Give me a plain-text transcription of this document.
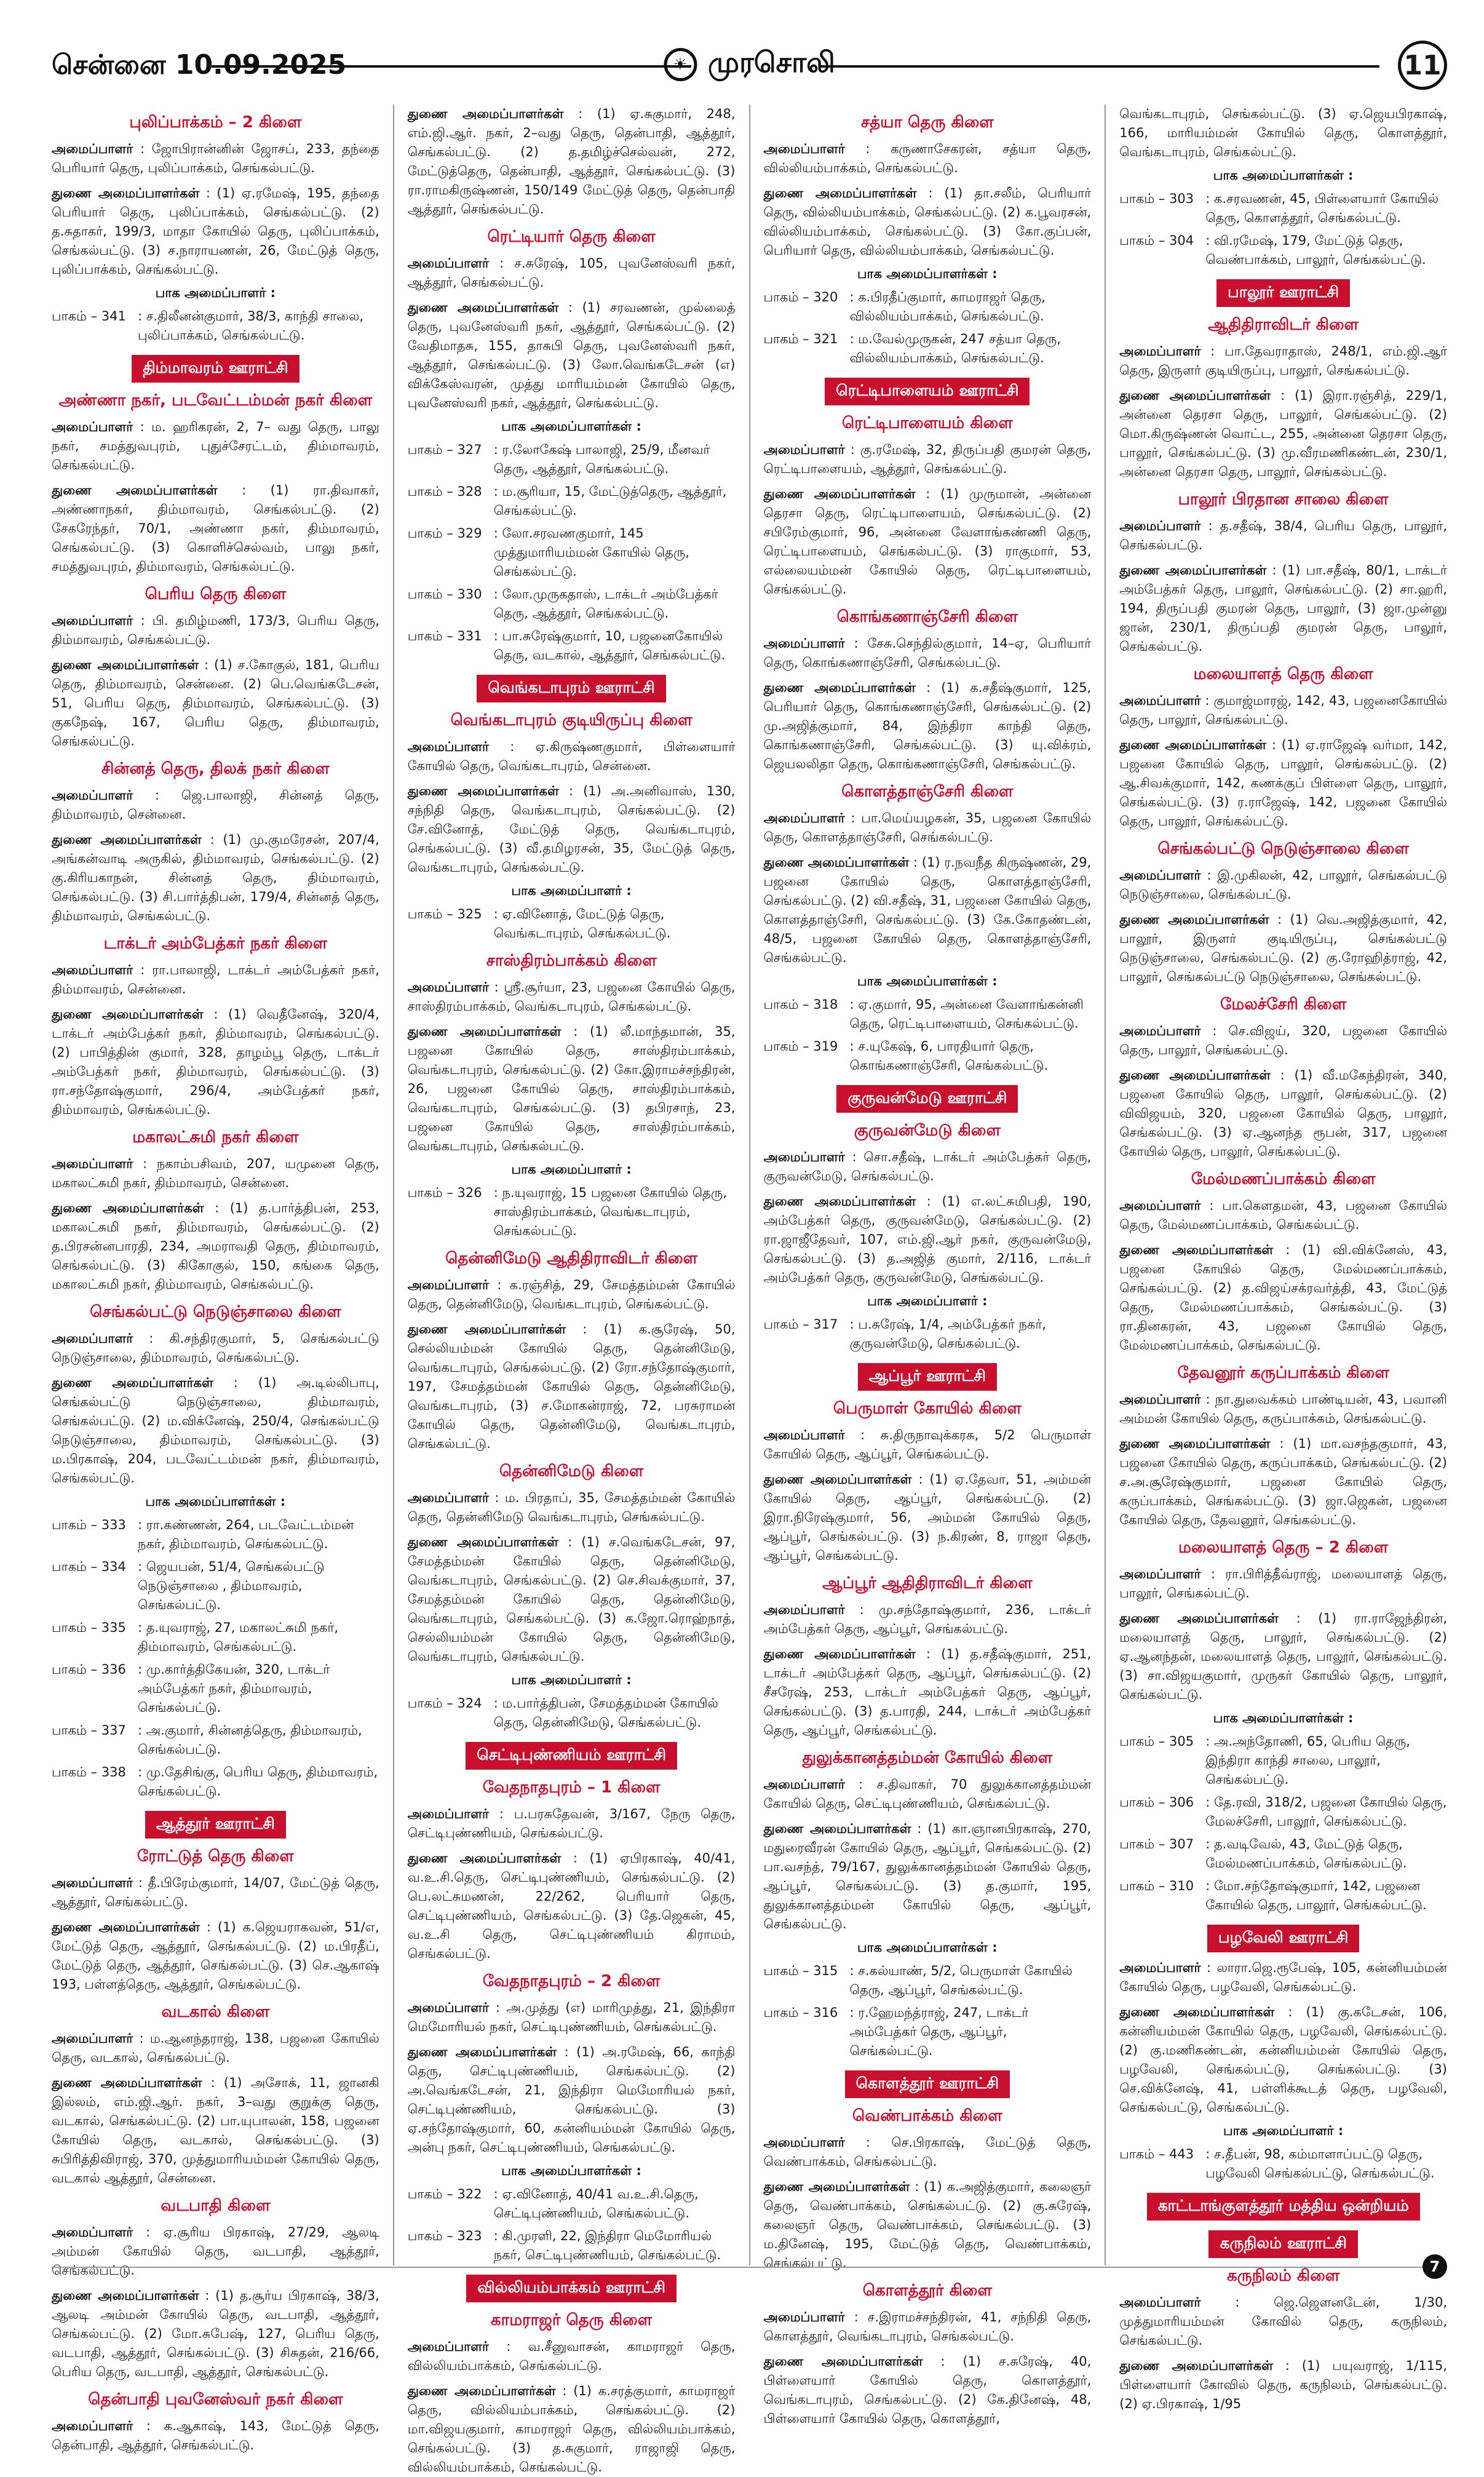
சென்னை 10.09.2025	☀ முரசொலி	11
புலிப்பாக்கம் – 2 கிளை

அமைப்பாளர் : ஜோபிரான்னின் ஜோசப், 233, தந்தை பெரியார் தெரு, புலிப்பாக்கம், செங்கல்பட்டு.

துணை அமைப்பாளர்கள் : (1) ஏ.ரமேஷ், 195, தந்தை பெரியார் தெரு, புலிப்பாக்கம், செங்கல்பட்டு. (2) த.சுதாகர், 199/3, மாதா கோயில் தெரு, புலிப்பாக்கம், செங்கல்பட்டு. (3) ச.நாராயணன், 26, மேட்டுத் தெரு, புலிப்பாக்கம், செங்கல்பட்டு.

பாக அமைப்பாளர் :
பாகம் – 341 : ச.திலீனன்குமார், 38/3, காந்தி சாலை, புலிப்பாக்கம், செங்கல்பட்டு.
திம்மாவரம் ஊராட்சி
அண்ணா நகர், படவேட்டம்மன் நகர் கிளை

அமைப்பாளர் : ம. ஹரிகரன், 2, 7– வது தெரு, பாலு நகர், சமத்துவபுரம், புதுச்சேரட்டம், திம்மாவரம், செங்கல்பட்டு.

துணை அமைப்பாளர்கள் : (1) ரா.திவாகர், அண்ணாநகர், திம்மாவரம், செங்கல்பட்டு. (2) சேகரேந்தர், 70/1, அண்ணா நகர், திம்மாவரம், செங்கல்பட்டு. (3) கொளிச்செல்வம், பாலு நகர், சமத்துவபுரம், திம்மாவரம், செங்கல்பட்டு.

பெரிய தெரு கிளை

அமைப்பாளர் : பி. தமிழ்மணி, 173/3, பெரிய தெரு, திம்மாவரம், செங்கல்பட்டு.

துணை அமைப்பாளர்கள் : (1) ச.கோகுல், 181, பெரிய தெரு, திம்மாவரம், சென்னை. (2) பெ.வெங்கடேசன், 51, பெரிய தெரு, திம்மாவரம், செங்கல்பட்டு. (3) குகநேஷ், 167, பெரிய தெரு, திம்மாவரம், செங்கல்பட்டு.

சின்னத் தெரு, திலக் நகர் கிளை

அமைப்பாளர் : ஜெ.பாலாஜி, சின்னத் தெரு, திம்மாவரம், சென்னை.

துணை அமைப்பாளர்கள் : (1) மு.குமரேசன், 207/4, அங்கன்வாடி அருகில், திம்மாவரம், செங்கல்பட்டு. (2) கு.கிரியகாநன், சின்னத் தெரு, திம்மாவரம், செங்கல்பட்டு. (3) சி.பார்த்திபன், 179/4, சின்னத் தெரு, திம்மாவரம், செங்கல்பட்டு.

டாக்டர் அம்பேத்கர் நகர் கிளை

அமைப்பாளர் : ரா.பாலாஜி, டாக்டர் அம்பேத்கர் நகர், திம்மாவரம், சென்னை.

துணை அமைப்பாளர்கள் : (1) வெதீனேஷ், 320/4, டாக்டர் அம்பேத்கர் நகர், திம்மாவரம், செங்கல்பட்டு. (2) பாபித்தின் குமார், 328, தாழம்பூ தெரு, டாக்டர் அம்பேத்கர் நகர், திம்மாவரம், செங்கல்பட்டு. (3) ரா.சந்தோஷ்குமார், 296/4, அம்பேத்கர் நகர், திம்மாவரம், செங்கல்பட்டு.

மகாலட்சுமி நகர் கிளை

அமைப்பாளர் : நகாம்பசிவம், 207, யமுனை தெரு, மகாலட்சுமி நகர், திம்மாவரம், சென்னை.

துணை அமைப்பாளர்கள் : (1) த.பார்த்திபன், 253, மகாலட்சுமி நகர், திம்மாவரம், செங்கல்பட்டு. (2) த.பிரசன்னபாரதி, 234, அமராவதி தெரு, திம்மாவரம், செங்கல்பட்டு. (3) கிகோகுல், 150, கங்கை தெரு, மகாலட்சுமி நகர், திம்மாவரம், செங்கல்பட்டு.

செங்கல்பட்டு நெடுஞ்சாலை கிளை

அமைப்பாளர் : கி.சந்திரகுமார், 5, செங்கல்பட்டு நெடுஞ்சாலை, திம்மாவரம், செங்கல்பட்டு.

துணை அமைப்பாளர்கள் : (1) அ.டில்லிபாபு, செங்கல்பட்டு நெடுஞ்சாலை, திம்மாவரம், செங்கல்பட்டு. (2) ம.விக்னேஷ், 250/4, செங்கல்பட்டு நெடுஞ்சாலை, திம்மாவரம், செங்கல்பட்டு. (3) ம.பிரகாஷ், 204, படவேட்டம்மன் நகர், திம்மாவரம், செங்கல்பட்டு.

பாக அமைப்பாளர்கள் :
பாகம் – 333 : ரா.கண்ணன், 264, படவேட்டம்மன் நகர், திம்மாவரம், செங்கல்பட்டு.
பாகம் – 334 : ஜெயபன், 51/4, செங்கல்பட்டு நெடுஞ்சாலை , திம்மாவரம், செங்கல்பட்டு.
பாகம் – 335 : த.யுவராஜ், 27, மகாலட்சுமி நகர், திம்மாவரம், செங்கல்பட்டு.
பாகம் – 336 : மு.கார்த்திகேயன், 320, டாக்டர் அம்பேத்கர் நகர், திம்மாவரம், செங்கல்பட்டு.
பாகம் – 337 : அ.குமார், சின்னத்தெரு, திம்மாவரம், செங்கல்பட்டு.
பாகம் – 338 : மு.தேசிங்கு, பெரிய தெரு, திம்மாவரம், செங்கல்பட்டு.
ஆத்தூர் ஊராட்சி
ரோட்டுத் தெரு கிளை

அமைப்பாளர் : தீ.பிரேம்குமார், 14/07, மேட்டுத் தெரு, ஆத்தூர், செங்கல்பட்டு.

துணை அமைப்பாளர்கள் : (1) க.ஜெயராகவன், 51/எ, மேட்டுத் தெரு, ஆத்தூர், செங்கல்பட்டு. (2) ம.பிரதீப், மேட்டுத் தெரு, ஆத்தூர், செங்கல்பட்டு. (3) செ.ஆகாஷ் 193, பள்ளத்தெரு, ஆத்தூர், செங்கல்பட்டு.

வடகால் கிளை

அமைப்பாளர் : ம.ஆனந்தராஜ், 138, பஜனை கோயில் தெரு, வடகால், செங்கல்பட்டு.

துணை அமைப்பாளர்கள் : (1) அசோக், 11, ஜானகி இல்லம், எம்.ஜி.ஆர். நகர், 3–வது குறுக்கு தெரு, வடகால், செங்கல்பட்டு. (2) பா.யுபாலன், 158, பஜனை கோயில் தெரு, வடகால், செங்கல்பட்டு. (3) சுபிரித்திவிராஜ், 370, முத்துமாரியம்மன் கோயில் தெரு, வடகால் ஆத்தூர், சென்னை.

வடபாதி கிளை

அமைப்பாளர் : ஏ.சூரிய பிரகாஷ், 27/29, ஆலடி அம்மன் கோயில் தெரு, வடபாதி, ஆத்தூர், செங்கல்பட்டு.

துணை அமைப்பாளர்கள் : (1) த.சூர்ய பிரகாஷ், 38/3, ஆலடி அம்மன் கோயில் தெரு, வடபாதி, ஆத்தூர், செங்கல்பட்டு. (2) மோ.சுபேஷ், 127, பெரிய தெரு, வடபாதி, ஆத்தூர், செங்கல்பட்டு. (3) சிசுதன், 216/66, பெரிய தெரு, வடபாதி, ஆத்தூர், செங்கல்பட்டு.

தென்பாதி புவனேஸ்வர் நகர் கிளை

அமைப்பாளர் : க.ஆகாஷ், 143, மேட்டுத் தெரு, தென்பாதி, ஆத்தூர், செங்கல்பட்டு.

துணை அமைப்பாளர்கள் : (1) ஏ.சுகுமார், 248, எம்.ஜி.ஆர். நகர், 2–வது தெரு, தென்பாதி, ஆத்தூர், செங்கல்பட்டு. (2) த.தமிழ்ச்செல்வன், 272, மேட்டுத்தெரு, தென்பாதி, ஆத்தூர், செங்கல்பட்டு. (3) ரா.ராமகிருஷ்ணன், 150/149 மேட்டுத் தெரு, தென்பாதி ஆத்தூர், செங்கல்பட்டு.

ரெட்டியார் தெரு கிளை

அமைப்பாளர் : ச.சுரேஷ், 105, புவனேஸ்வரி நகர், ஆத்தூர், செங்கல்பட்டு.

துணை அமைப்பாளர்கள் : (1) சரவணன், முல்லைத் தெரு, புவனேஸ்வரி நகர், ஆத்தூர், செங்கல்பட்டு. (2) வேதிமாதசு, 155, தாசுபி தெரு, புவனேஸ்வரி நகர், ஆத்தூர், செங்கல்பட்டு. (3) லோ.வெங்கடேசன் (எ) விக்கேஸ்வரன், முத்து மாரியம்மன் கோயில் தெரு, புவனேஸ்வரி நகர், ஆத்தூர், செங்கல்பட்டு.

பாக அமைப்பாளர்கள் :
பாகம் – 327 : ர.லோகேஷ் பாலாஜி, 25/9, மீனவர் தெரு, ஆத்தூர், செங்கல்பட்டு.
பாகம் – 328 : ம.சூரியா, 15, மேட்டுத்தெரு, ஆத்தூர், செங்கல்பட்டு.
பாகம் – 329 : லோ.சரவணகுமார், 145 முத்துமாரியம்மன் கோயில் தெரு, செங்கல்பட்டு.
பாகம் – 330 : லோ.முருகதாஸ், டாக்டர் அம்பேத்கர் தெரு, ஆத்தூர், செங்கல்பட்டு.
பாகம் – 331 : பா.சுரேஷ்குமார், 10, பஜனைகோயில் தெரு, வடகால், ஆத்தூர், செங்கல்பட்டு.
வெங்கடாபுரம் ஊராட்சி
வெங்கடாபுரம் குடியிருப்பு கிளை

அமைப்பாளர் : ஏ.கிருஷ்ணகுமார், பிள்ளையார் கோயில் தெரு, வெங்கடாபுரம், சென்னை.

துணை அமைப்பாளர்கள் : (1) அ.அனிவாஸ், 130, சந்நிதி தெரு, வெங்கடாபுரம், செங்கல்பட்டு. (2) சே.வினோத், மேட்டுத் தெரு, வெங்கடாபுரம், செங்கல்பட்டு. (3) வீ.தமிழரசன், 35, மேட்டுத் தெரு, வெங்கடாபுரம், செங்கல்பட்டு.

பாக அமைப்பாளர் :
பாகம் – 325 : ஏ.வினோத், மேட்டுத் தெரு, வெங்கடாபுரம், செங்கல்பட்டு.
சாஸ்திரம்பாக்கம் கிளை

அமைப்பாளர் : ஸ்ரீ.சூர்யா, 23, பஜனை கோயில் தெரு, சாஸ்திரம்பாக்கம், வெங்கடாபுரம், செங்கல்பட்டு.

துணை அமைப்பாளர்கள் : (1) லீ.மாந்தமான், 35, பஜனை கோயில் தெரு, சாஸ்திரம்பாக்கம், வெங்கடாபுரம், செங்கல்பட்டு. (2) கோ.இராமச்சந்திரன், 26, பஜனை கோயில் தெரு, சாஸ்திரம்பாக்கம், வெங்கடாபுரம், செங்கல்பட்டு. (3) தபிரசாந், 23, பஜனை கோயில் தெரு, சாஸ்திரம்பாக்கம், வெங்கடாபுரம், செங்கல்பட்டு.

பாக அமைப்பாளர் :
பாகம் – 326 : ந.யுவராஜ், 15 பஜனை கோயில் தெரு, சாஸ்திரம்பாக்கம், வெங்கடாபுரம், செங்கல்பட்டு.
தென்னிமேடு ஆதிதிராவிடர் கிளை

அமைப்பாளர் : க.ரஞ்சித், 29, சேமத்தம்மன் கோயில் தெரு, தென்னிமேடு, வெங்கடாபுரம், செங்கல்பட்டு.

துணை அமைப்பாளர்கள் : (1) க.சூரேஷ், 50, செல்லியம்மன் கோயில் தெரு, தென்னிமேடு, வெங்கடாபுரம், செங்கல்பட்டு. (2) ரோ.சந்தோஷ்குமார், 197, சேமத்தம்மன் கோயில் தெரு, தென்னிமேடு, வெங்கடாபுரம், (3) ச.மோகன்ராஜ், 72, பரசுராமன் கோயில் தெரு, தென்னிமேடு, வெங்கடாபுரம், செங்கல்பட்டு.

தென்னிமேடு கிளை

அமைப்பாளர் : ம. பிரதாப், 35, சேமத்தம்மன் கோயில் தெரு, தென்னிமேடு வெங்கடாபுரம், செங்கல்பட்டு.

துணை அமைப்பாளர்கள் : (1) ச.வெங்கடேசன், 97, சேமத்தம்மன் கோயில் தெரு, தென்னிமேடு, வெங்கடாபுரம், செங்கல்பட்டு. (2) செ.சிவக்குமார், 37, சேமத்தம்மன் கோயில் தெரு, தென்னிமேடு, வெங்கடாபுரம், செங்கல்பட்டு. (3) க.ஜோ.ரொஹ்நாத், செல்லியம்மன் கோயில் தெரு, தென்னிமேடு, வெங்கடாபுரம், செங்கல்பட்டு.

பாக அமைப்பாளர் :
பாகம் – 324 : ம.பார்த்திபன், சேமத்தம்மன் கோயில் தெரு, தென்னிமேடு, செங்கல்பட்டு.
செட்டிபுண்ணியம் ஊராட்சி
வேதநாதபுரம் – 1 கிளை

அமைப்பாளர் : ப.பரசுதேவன், 3/167, நேரு தெரு, செட்டிபுண்ணியம், செங்கல்பட்டு.

துணை அமைப்பாளர்கள் : (1) ஏபிரகாஷ், 40/41, வ.உ.சி.தெரு, செட்டிபுண்ணியம், செங்கல்பட்டு. (2) பெ.லட்சுமணன், 22/262, பெரியார் தெரு, செட்டிபுண்ணியம், செங்கல்பட்டு. (3) தே.ஜெகன், 45, வ.உ.சி தெரு, செட்டிபுண்ணியம் கிராமம், செங்கல்பட்டு.

வேதநாதபுரம் – 2 கிளை

அமைப்பாளர் : அ.முத்து (எ) மாரிமுத்து, 21, இந்திரா மெமோரியல் நகர், செட்டிபுண்ணியம், செங்கல்பட்டு.

துணை அமைப்பாளர்கள் : (1) அ.ரமேஷ், 66, காந்தி தெரு, செட்டிபுண்ணியம், செங்கல்பட்டு. (2) அ.வெங்கடேசன், 21, இந்திரா மெமோரியல் நகர், செட்டிபுண்ணியம், செங்கல்பட்டு. (3) ஏ.சந்தோஷ்குமார், 60, கன்னியம்மன் கோயில் தெரு, அன்பு நகர், செட்டிபுண்ணியம், செங்கல்பட்டு.

பாக அமைப்பாளர்கள் :
பாகம் – 322 : ஏ.வினோத், 40/41 வ.உ.சி.தெரு, செட்டிபுண்ணியம், செங்கல்பட்டு.
பாகம் – 323 : கி.முரளி, 22, இந்திரா மெமோரியல் நகர், செட்டிபுண்ணியம், செங்கல்பட்டு.
வில்லியம்பாக்கம் ஊராட்சி
காமராஜர் தெரு கிளை

அமைப்பாளர் : வ.சீனுவாசன், காமராஜர் தெரு, வில்லியம்பாக்கம், செங்கல்பட்டு.

துணை அமைப்பாளர்கள் : (1) க.சரத்குமார், காமராஜர் தெரு, வில்லியம்பாக்கம், செங்கல்பட்டு. (2) மா.விஜயகுமார், காமராஜர் தெரு, வில்லியம்பாக்கம், செங்கல்பட்டு. (3) த.சுகுமார், ராஜாஜி தெரு, வில்லியம்பாக்கம், செங்கல்பட்டு.

சத்யா தெரு கிளை

அமைப்பாளர் : கருணாசேகரன், சத்யா தெரு, வில்லியம்பாக்கம், செங்கல்பட்டு.

துணை அமைப்பாளர்கள் : (1) தா.சலீம், பெரியார் தெரு, வில்லியம்பாக்கம், செங்கல்பட்டு. (2) க.பூவரசன், வில்லியம்பாக்கம், செங்கல்பட்டு. (3) கோ.குப்பன், பெரியார் தெரு, வில்லியம்பாக்கம், செங்கல்பட்டு.

பாக அமைப்பாளர்கள் :
பாகம் – 320 : க.பிரதீப்குமார், காமராஜர் தெரு, வில்லியம்பாக்கம், செங்கல்பட்டு.
பாகம் – 321 : ம.வேல்முருகன், 247 சத்யா தெரு, வில்லியம்பாக்கம், செங்கல்பட்டு.
ரெட்டிபாளையம் ஊராட்சி
ரெட்டிபாளையம் கிளை

அமைப்பாளர் : கு.ரமேஷ், 32, திருப்பதி குமரன் தெரு, ரெட்டிபாளையம், ஆத்தூர், செங்கல்பட்டு.

துணை அமைப்பாளர்கள் : (1) முருமான், அன்னை தெரசா தெரு, ரெட்டிபாளையம், செங்கல்பட்டு. (2) சபிரேம்குமார், 96, அன்னை வேளாங்கண்ணி தெரு, ரெட்டிபாளையம், செங்கல்பட்டு. (3) ராகுமார், 53, எல்லையம்மன் கோயில் தெரு, ரெட்டிபாளையம், செங்கல்பட்டு.

கொங்கணாஞ்சேரி கிளை

அமைப்பாளர் : சேசு.செந்தில்குமார், 14–ஏ, பெரியார் தெரு, கொங்கணாஞ்சேரி, செங்கல்பட்டு.

துணை அமைப்பாளர்கள் : (1) க.சதீஷ்குமார், 125, பெரியார் தெரு, கொங்கணாஞ்சேரி, செங்கல்பட்டு. (2) மு.அஜித்குமார், 84, இந்திரா காந்தி தெரு, கொங்கணாஞ்சேரி, செங்கல்பட்டு. (3) யு.விக்ரம், ஜெயலலிதா தெரு, கொங்கணாஞ்சேரி, செங்கல்பட்டு.

கொளத்தாஞ்சேரி கிளை

அமைப்பாளர் : பா.மெய்யழகன், 35, பஜனை கோயில் தெரு, கொளத்தாஞ்சேரி, செங்கல்பட்டு.

துணை அமைப்பாளர்கள் : (1) ர.நவநீத கிருஷ்ணன், 29, பஜனை கோயில் தெரு, கொளத்தாஞ்சேரி, செங்கல்பட்டு. (2) வி.சதீஷ், 31, பஜனை கோயில் தெரு, கொளத்தாஞ்சேரி, செங்கல்பட்டு. (3) கே.கோதண்டன், 48/5, பஜனை கோயில் தெரு, கொளத்தாஞ்சேரி, செங்கல்பட்டு.

பாக அமைப்பாளர்கள் :
பாகம் – 318 : ஏ.குமார், 95, அன்னை வேளாங்கன்னி தெரு, ரெட்டிபாளையம், செங்கல்பட்டு.
பாகம் – 319 : ச.யுகேஷ், 6, பாரதியார் தெரு, கொங்கணாஞ்சேரி, செங்கல்பட்டு.
குருவன்மேடு ஊராட்சி
குருவன்மேடு கிளை

அமைப்பாளர் : சொ.சதீஷ், டாக்டர் அம்பேத்கர் தெரு, குருவன்மேடு, செங்கல்பட்டு.

துணை அமைப்பாளர்கள் : (1) எ.லட்சுமிபதி, 190, அம்பேத்கர் தெரு, குருவன்மேடு, செங்கல்பட்டு. (2) ரா.ஜாஜீதேவர், 107, எம்.ஜி.ஆர் நகர், குருவன்மேடு, செங்கல்பட்டு. (3) த.அஜித் குமார், 2/116, டாக்டர் அம்பேத்கர் தெரு, குருவன்மேடு, செங்கல்பட்டு.

பாக அமைப்பாளர் :
பாகம் – 317 : ப.சுரேஷ், 1/4, அம்பேத்கர் நகர், குருவன்மேடு, செங்கல்பட்டு.
ஆப்பூர் ஊராட்சி
பெருமாள் கோயில் கிளை

அமைப்பாளர் : சு.திருநாவுக்கரசு, 5/2 பெருமாள் கோயில் தெரு, ஆப்பூர், செங்கல்பட்டு.

துணை அமைப்பாளர்கள் : (1) ஏ.தேவா, 51, அம்மன் கோயில் தெரு, ஆப்பூர், செங்கல்பட்டு. (2) இரா.நிரேஷ்குமார், 56, அம்மன் கோயில் தெரு, ஆப்பூர், செங்கல்பட்டு. (3) ந.கிரண், 8, ராஜா தெரு, ஆப்பூர், செங்கல்பட்டு.

ஆப்பூர் ஆதிதிராவிடர் கிளை

அமைப்பாளர் : மு.சந்தோஷ்குமார், 236, டாக்டர் அம்பேத்கர் தெரு, ஆப்பூர், செங்கல்பட்டு.

துணை அமைப்பாளர்கள் : (1) த.சதீஷ்குமார், 251, டாக்டர் அம்பேத்கர் தெரு, ஆப்பூர், செங்கல்பட்டு. (2) சீசரேஷ், 253, டாக்டர் அம்பேத்கர் தெரு, ஆப்பூர், செங்கல்பட்டு. (3) த.பாரதி, 244, டாக்டர் அம்பேத்கர் தெரு, ஆப்பூர், செங்கல்பட்டு.

துலுக்கானத்தம்மன் கோயில் கிளை

அமைப்பாளர் : ச.திவாகர், 70 துலுக்கானத்தம்மன் கோயில் தெரு, செட்டிபுண்ணியம், செங்கல்பட்டு.

துணை அமைப்பாளர்கள் : (1) கா.ஞானபிரகாஷ், 270, மதுரைவீரன் கோயில் தெரு, ஆப்பூர், செங்கல்பட்டு. (2) பா.வசந்த், 79/167, துலுக்கானத்தம்மன் கோயில் தெரு, ஆப்பூர், செங்கல்பட்டு. (3) த.குமார், 195, துலுக்கானத்தம்மன் கோயில் தெரு, ஆப்பூர், செங்கல்பட்டு.

பாக அமைப்பாளர்கள் :
பாகம் – 315 : ச.கல்யாண், 5/2, பெருமாள் கோயில் தெரு, ஆப்பூர், செங்கல்பட்டு.
பாகம் – 316 : ர.ஹேமந்த்ராஜ், 247, டாக்டர் அம்பேத்கர் தெரு, ஆப்பூர், செங்கல்பட்டு.
கொளத்தூர் ஊராட்சி
வெண்பாக்கம் கிளை

அமைப்பாளர் : செ.பிரகாஷ், மேட்டுத் தெரு, வெண்பாக்கம், செங்கல்பட்டு.

துணை அமைப்பாளர்கள் : (1) க.அஜித்குமார், கலைஞர் தெரு, வெண்பாக்கம், செங்கல்பட்டு. (2) கு.சுரேஷ், கலைஞர் தெரு, வெண்பாக்கம், செங்கல்பட்டு. (3) ம.தினேஷ், 195, மேட்டுத் தெரு, வெண்பாக்கம், செங்கல்பட்டு.

கொளத்தூர் கிளை

அமைப்பாளர் : ச.இராமச்சந்திரன், 41, சந்நிதி தெரு, கொளத்தூர், வெங்கடாபுரம், செங்கல்பட்டு.

துணை அமைப்பாளர்கள் : (1) ச.சுரேஷ், 40, பிள்ளையார் கோயில் தெரு, கொளத்தூர், வெங்கடாபுரம், செங்கல்பட்டு. (2) கே.தினேஷ், 48, பிள்ளையார் கோயில் தெரு, கொளத்தூர்,

வெங்கடாபுரம், செங்கல்பட்டு. (3) ஏ.ஜெயபிரகாஷ், 166, மாரியம்மன் கோயில் தெரு, கொளத்தூர், வெங்கடாபுரம், செங்கல்பட்டு.

பாக அமைப்பாளர்கள் :
பாகம் – 303 : க.சரவணன், 45, பிள்ளையார் கோயில் தெரு, கொளத்தூர், செங்கல்பட்டு.
பாகம் – 304 : வி.ரமேஷ், 179, மேட்டுத் தெரு, வெண்பாக்கம், பாலூர், செங்கல்பட்டு.
பாலூர் ஊராட்சி
ஆதிதிராவிடர் கிளை

அமைப்பாளர் : பா.தேவராதாஸ், 248/1, எம்.ஜி.ஆர் தெரு, இருளர் குடியிருப்பு, பாலூர், செங்கல்பட்டு.

துணை அமைப்பாளர்கள் : (1) இரா.ரஞ்சித், 229/1, அன்னை தெரசா தெரு, பாலூர், செங்கல்பட்டு. (2) மொ.கிருஷ்ணன் வொட்ட, 255, அன்னை தெரசா தெரு, பாலூர், செங்கல்பட்டு. (3) மு.வீரமணிகண்டன், 230/1, அன்னை தெரசா தெரு, பாலூர், செங்கல்பட்டு.

பாலூர் பிரதான சாலை கிளை

அமைப்பாளர் : த.சதீஷ், 38/4, பெரிய தெரு, பாலூர், செங்கல்பட்டு.

துணை அமைப்பாளர்கள் : (1) பா.சதீஷ், 80/1, டாக்டர் அம்பேத்கர் தெரு, பாலூர், செங்கல்பட்டு. (2) சா.ஹரி, 194, திருப்பதி குமரன் தெரு, பாலூர், (3) ஜா.முன்னு ஜான், 230/1, திருப்பதி குமரன் தெரு, பாலூர், செங்கல்பட்டு.

மலையாளத் தெரு கிளை

அமைப்பாளர் : குமாஜ்மாரஜ், 142, 43, பஜனைகோயில் தெரு, பாலூர், செங்கல்பட்டு.

துணை அமைப்பாளர்கள் : (1) ஏ.ராஜேஷ் வர்மா, 142, பஜனை கோயில் தெரு, பாலூர், செங்கல்பட்டு. (2) ஆ.சிவக்குமார், 142, கணக்குப் பிள்ளை தெரு, பாலூர், செங்கல்பட்டு. (3) ர.ராஜேஷ், 142, பஜனை கோயில் தெரு, பாலூர், செங்கல்பட்டு.

செங்கல்பட்டு நெடுஞ்சாலை கிளை

அமைப்பாளர் : இ.முகிலன், 42, பாலூர், செங்கல்பட்டு நெடுஞ்சாலை, செங்கல்பட்டு.

துணை அமைப்பாளர்கள் : (1) வெ.அஜித்குமார், 42, பாலூர், இருளர் குடியிருப்பு, செங்கல்பட்டு நெடுஞ்சாலை, செங்கல்பட்டு. (2) கு.ரோஹித்ராஜ், 42, பாலூர், செங்கல்பட்டு நெடுஞ்சாலை, செங்கல்பட்டு.

மேலச்சேரி கிளை

அமைப்பாளர் : செ.விஜய், 320, பஜனை கோயில் தெரு, பாலூர், செங்கல்பட்டு.

துணை அமைப்பாளர்கள் : (1) வீ.மகேந்திரன், 340, பஜனை கோயில் தெரு, பாலூர், செங்கல்பட்டு. (2) விவிஜயம், 320, பஜனை கோயில் தெரு, பாலூர், செங்கல்பட்டு. (3) ஏ.ஆனந்த ரூபன், 317, பஜனை கோயில் தெரு, பாலூர், செங்கல்பட்டு.

மேல்மணப்பாக்கம் கிளை

அமைப்பாளர் : பா.கௌதமன், 43, பஜனை கோயில் தெரு, மேல்மணப்பாக்கம், செங்கல்பட்டு.

துணை அமைப்பாளர்கள் : (1) வி.விக்னேஸ், 43, பஜனை கோயில் தெரு, மேல்மணப்பாக்கம், செங்கல்பட்டு. (2) த.விஜய்சக்ரவர்த்தி, 43, மேட்டுத் தெரு, மேல்மணப்பாக்கம், செங்கல்பட்டு. (3) ரா.தினகரன், 43, பஜனை கோயில் தெரு, மேல்மணப்பாக்கம், செங்கல்பட்டு.

தேவனூர் கருப்பாக்கம் கிளை

அமைப்பாளர் : நா.துவைக்கம் பாண்டியன், 43, பவானி அம்மன் கோயில் தெரு, கருப்பாக்கம், செங்கல்பட்டு.

துணை அமைப்பாளர்கள் : (1) மா.வசந்தகுமார், 43, பஜனை கோயில் தெரு, கருப்பாக்கம், செங்கல்பட்டு. (2) ச.அ.சூரேஷ்குமார், பஜனை கோயில் தெரு, கருப்பாக்கம், செங்கல்பட்டு. (3) ஜா.ஜெகன், பஜனை கோயில் தெரு, தேவனூர், செங்கல்பட்டு.

மலையாளத் தெரு – 2 கிளை

அமைப்பாளர் : ரா.பிரித்தீவ்ராஜ், மலையாளத் தெரு, பாலூர், செங்கல்பட்டு.

துணை அமைப்பாளர்கள் : (1) ரா.ராஜேந்திரன், மலையாளத் தெரு, பாலூர், செங்கல்பட்டு. (2) ஏ.ஆனந்தன், மலையாளத் தெரு, பாலூர், செங்கல்பட்டு. (3) சா.விஜயகுமார், முருகர் கோயில் தெரு, பாலூர், செங்கல்பட்டு.

பாக அமைப்பாளர்கள் :
பாகம் – 305 : அ.அந்தோணி, 65, பெரிய தெரு, இந்திரா காந்தி சாலை, பாலூர், செங்கல்பட்டு.
பாகம் – 306 : தே.ரவி, 318/2, பஜனை கோயில் தெரு, மேலச்சேரி, பாலூர், செங்கல்பட்டு.
பாகம் – 307 : த.வடிவேல், 43, மேட்டுத் தெரு, மேல்மணப்பாக்கம், செங்கல்பட்டு.
பாகம் – 310 : மோ.சந்தோஷ்குமார், 142, பஜனை கோயில் தெரு, பாலூர், செங்கல்பட்டு.
பழவேலி ஊராட்சி

அமைப்பாளர் : லாரா.ஜெ.ரூபேஷ், 105, கன்னியம்மன் கோயில் தெரு, பழவேலி, செங்கல்பட்டு.

துணை அமைப்பாளர்கள் : (1) கு.கடேசன், 106, கன்னியம்மன் கோயில் தெரு, பழவேலி, செங்கல்பட்டு. (2) கு.மணிகண்டன், கன்னியம்மன் கோயில் தெரு, பழவேலி, செங்கல்பட்டு, செங்கல்பட்டு. (3) செ.விக்னேஷ், 41, பள்ளிக்கூடத் தெரு, பழவேலி, செங்கல்பட்டு, செங்கல்பட்டு.

பாக அமைப்பாளர் :
பாகம் – 443 : ச.தீபன், 98, கம்மாளாப்பட்டு தெரு, பழவேலி செங்கல்பட்டு, செங்கல்பட்டு.
காட்டாங்குளத்தூர் மத்திய ஒன்றியம்
கருநிலம் ஊராட்சி
கருநிலம் கிளை

அமைப்பாளர் : ஜெ.ஜெளனடேன், 1/30, முத்துமாரியம்மன் கோவில் தெரு, கருநிலம், செங்கல்பட்டு.

துணை அமைப்பாளர்கள் : (1) பயுவராஜ், 1/115, பிள்ளையார் கோவில் தெரு, கருநிலம், செங்கல்பட்டு. (2) ஏ.பிரகாஷ், 1/95

7
